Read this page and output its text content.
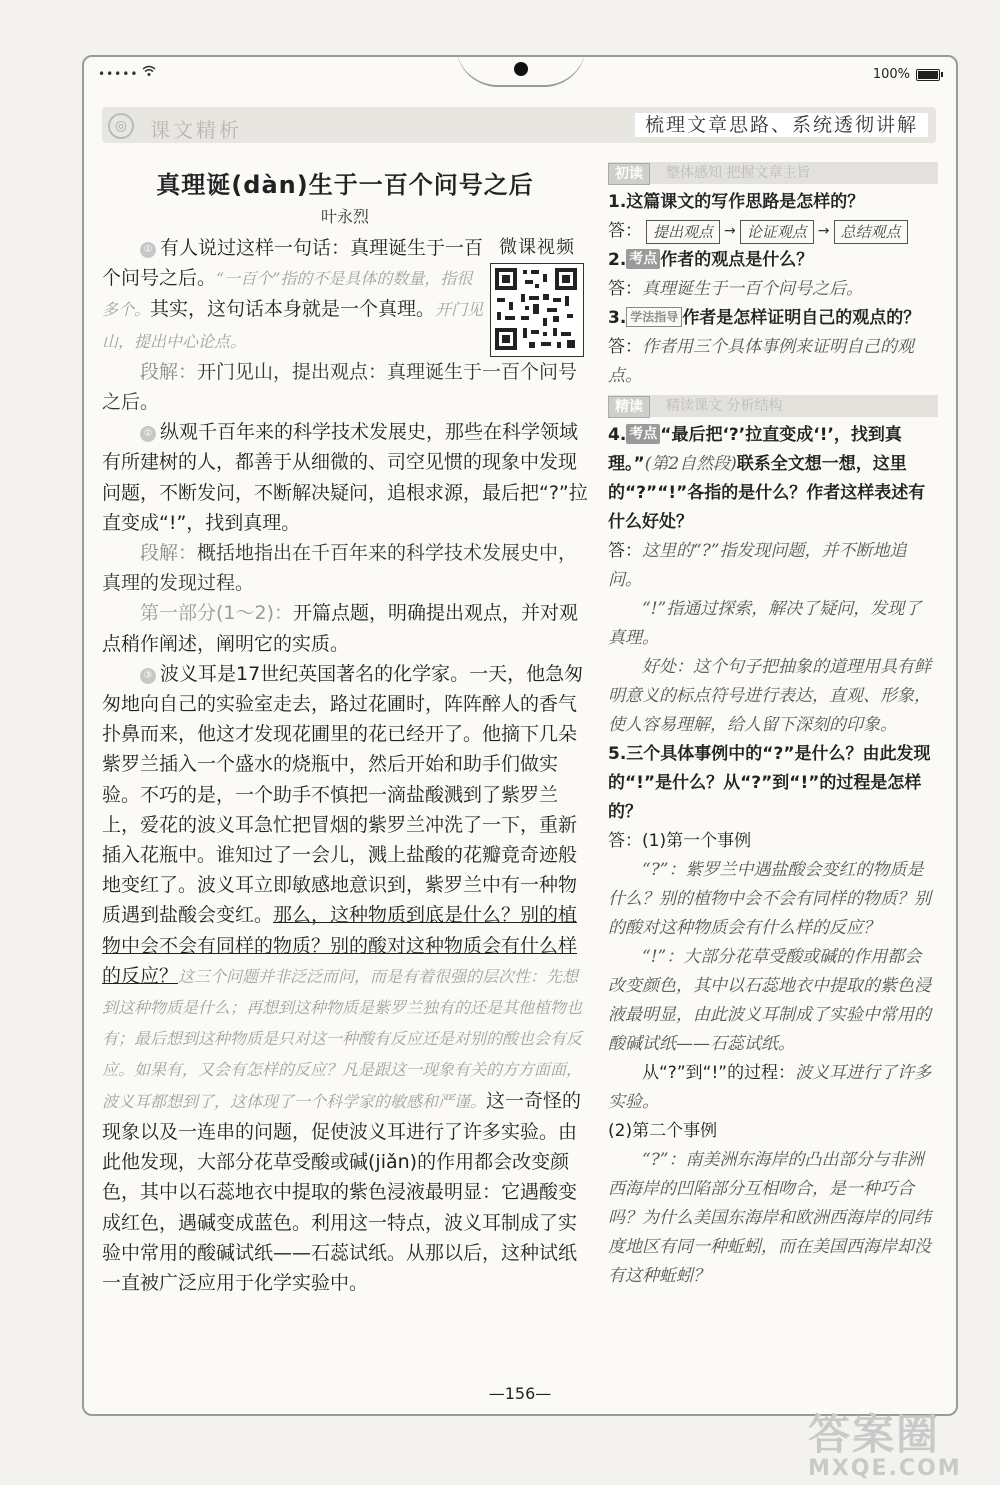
•••••	100%
◎	课文精析	梳理文章思路、系统透彻讲解
真理诞(dàn)生于一百个问号之后
叶永烈
微课视频

① 有人说过这样一句话：真理诞生于一百个问号之后。“一百个”指的不是具体的数量，指很多个。其实，这句话本身就是一个真理。开门见山，提出中心论点。

段解：开门见山，提出观点：真理诞生于一百个问号之后。

② 纵观千百年来的科学技术发展史，那些在科学领域有所建树的人，都善于从细微的、司空见惯的现象中发现问题，不断发问，不断解决疑问，追根求源，最后把“?”拉直变成“!”，找到真理。

段解：概括地指出在千百年来的科学技术发展史中，真理的发现过程。

第一部分(1～2)：开篇点题，明确提出观点，并对观点稍作阐述，阐明它的实质。

③ 波义耳是17世纪英国著名的化学家。一天，他急匆匆地向自己的实验室走去，路过花圃时，阵阵醉人的香气扑鼻而来，他这才发现花圃里的花已经开了。他摘下几朵紫罗兰插入一个盛水的烧瓶中，然后开始和助手们做实验。不巧的是，一个助手不慎把一滴盐酸溅到了紫罗兰上，爱花的波义耳急忙把冒烟的紫罗兰冲洗了一下，重新插入花瓶中。谁知过了一会儿，溅上盐酸的花瓣竟奇迹般地变红了。波义耳立即敏感地意识到，紫罗兰中有一种物质遇到盐酸会变红。那么，这种物质到底是什么？别的植物中会不会有同样的物质？别的酸对这种物质会有什么样的反应？这三个问题并非泛泛而问，而是有着很强的层次性：先想到这种物质是什么；再想到这种物质是紫罗兰独有的还是其他植物也有；最后想到这种物质是只对这一种酸有反应还是对别的酸也会有反应。如果有，又会有怎样的反应？凡是跟这一现象有关的方方面面，波义耳都想到了，这体现了一个科学家的敏感和严谨。这一奇怪的现象以及一连串的问题，促使波义耳进行了许多实验。由此他发现，大部分花草受酸或碱(jiǎn)的作用都会改变颜色，其中以石蕊地衣中提取的紫色浸液最明显：它遇酸变成红色，遇碱变成蓝色。利用这一特点，波义耳制成了实验中常用的酸碱试纸——石蕊试纸。从那以后，这种试纸一直被广泛应用于化学实验中。

初读	整体感知 把握文章主旨

1.这篇课文的写作思路是怎样的？

答： 提出观点 → 论证观点 → 总结观点

2. 考点 作者的观点是什么？

答：真理诞生于一百个问号之后。

3. 学法指导 作者是怎样证明自己的观点的？

答：作者用三个具体事例来证明自己的观点。

精读	精读课文 分析结构

4. 考点 “最后把‘?’拉直变成‘!’，找到真理。”(第2自然段)联系全文想一想，这里的“?”“!”各指的是什么？作者这样表述有什么好处？

答：这里的“?”指发现问题，并不断地追问。

“!”指通过探索，解决了疑问，发现了真理。

好处：这个句子把抽象的道理用具有鲜明意义的标点符号进行表达，直观、形象，使人容易理解，给人留下深刻的印象。

5.三个具体事例中的“?”是什么？由此发现的“!”是什么？从“?”到“!”的过程是怎样的？

答：(1)第一个事例

“?”：紫罗兰中遇盐酸会变红的物质是什么？别的植物中会不会有同样的物质？别的酸对这种物质会有什么样的反应？

“!”：大部分花草受酸或碱的作用都会改变颜色，其中以石蕊地衣中提取的紫色浸液最明显，由此波义耳制成了实验中常用的酸碱试纸——石蕊试纸。

从“?”到“!”的过程：波义耳进行了许多实验。

(2)第二个事例

“?”：南美洲东海岸的凸出部分与非洲西海岸的凹陷部分互相吻合，是一种巧合吗？为什么美国东海岸和欧洲西海岸的同纬度地区有同一种蚯蚓，而在美国西海岸却没有这种蚯蚓？

—156—
答案圈
MXQE.COM
